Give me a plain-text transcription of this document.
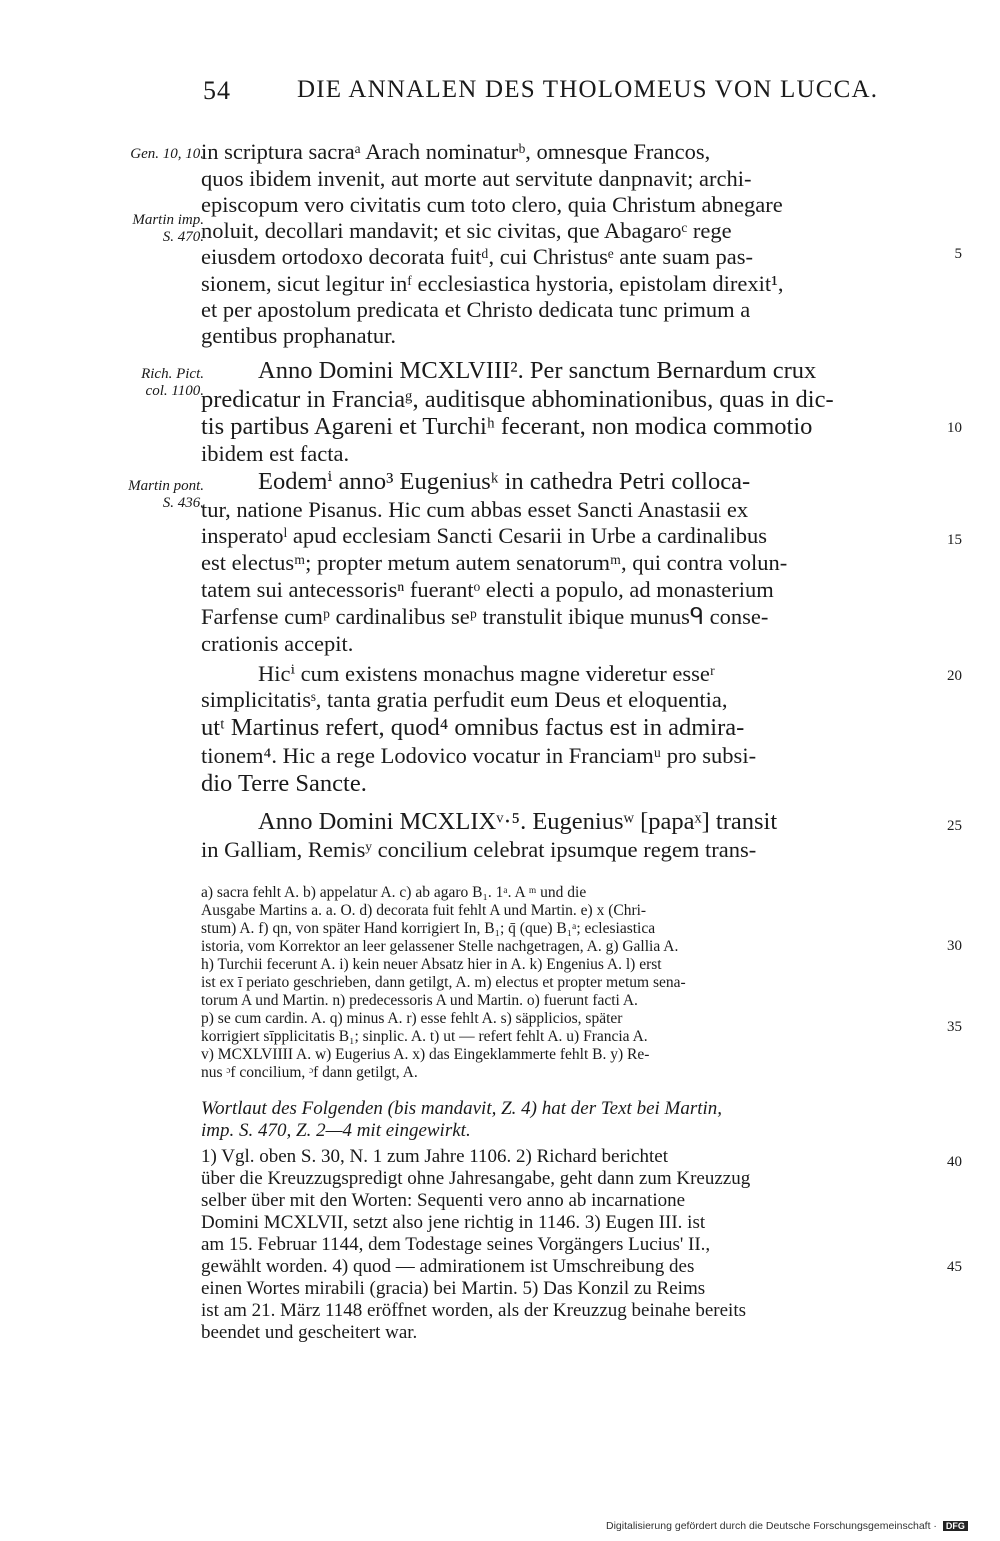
54	DIE ANNALEN DES THOLOMEUS VON LUCCA.
Gen. 10, 10.
Martin imp.
S. 470.
Rich. Pict.
col. 1100.
Martin pont.
S. 436.
5
10
15
20
25
30
35
40
45
in scriptura sacraᵃ Arach nominaturᵇ, omnesque Francos,
quos ibidem invenit, aut morte aut servitute danpnavit; archi-
episcopum vero civitatis cum toto clero, quia Christum abnegare
noluit, decollari mandavit; et sic civitas, que Abagaroᶜ rege
eiusdem ortodoxo decorata fuitᵈ, cui Christusᵉ ante suam pas-
sionem, sicut legitur inᶠ ecclesiastica hystoria, epistolam direxit¹,
et per apostolum predicata et Christo dedicata tunc primum a
gentibus prophanatur.
Anno Domini MCXLVIII². Per sanctum Bernardum crux
predicatur in Franciaᵍ, auditisque abhominationibus, quas in dic-
tis partibus Agareni et Turchiʰ fecerant, non modica commotio
ibidem est facta.
Eodemⁱ anno³ Eugeniusᵏ in cathedra Petri colloca-
tur, natione Pisanus. Hic cum abbas esset Sancti Anastasii ex
insperatoˡ apud ecclesiam Sancti Cesarii in Urbe a cardinalibus
est electusᵐ; propter metum autem senatorumᵐ, qui contra volun-
tatem sui antecessorisⁿ fuerantᵒ electi a populo, ad monasterium
Farfense cumᵖ cardinalibus seᵖ transtulit ibique munusᑫ conse-
crationis accepit.
Hicⁱ cum existens monachus magne videretur esseʳ
simplicitatisˢ, tanta gratia perfudit eum Deus et eloquentia,
utᵗ Martinus refert, quod⁴ omnibus factus est in admira-
tionem⁴. Hic a rege Lodovico vocatur in Franciamᵘ pro subsi-
dio Terre Sancte.
Anno Domini MCXLIXᵛ·⁵. Eugeniusʷ [papaˣ] transit
in Galliam, Remisʸ concilium celebrat ipsumque regem trans-
a) sacra fehlt A. b) appelatur A. c) ab agaro B₁. 1ᵃ. A ᵐ und die
Ausgabe Martins a. a. O. d) decorata fuit fehlt A und Martin. e) x (Chri-
stum) A. f) qn, von später Hand korrigiert In, B₁; q̄ (que) B₁ᵃ; eclesiastica
istoria, vom Korrektor an leer gelassener Stelle nachgetragen, A. g) Gallia A.
h) Turchii fecerunt A. i) kein neuer Absatz hier in A. k) Engenius A. l) erst
ist ex ī periato geschrieben, dann getilgt, A. m) electus et propter metum sena-
torum A und Martin. n) predecessoris A und Martin. o) fuerunt facti A.
p) se cum cardin. A. q) minus A. r) esse fehlt A. s) säpplicios, später
korrigiert sīpplicitatis B₁; sinplic. A. t) ut — refert fehlt A. u) Francia A.
v) MCXLVIIII A. w) Eugerius A. x) das Eingeklammerte fehlt B. y) Re-
nus ᵓf concilium, ᵓf dann getilgt, A.
Wortlaut des Folgenden (bis mandavit, Z. 4) hat der Text bei Martin,
imp. S. 470, Z. 2—4 mit eingewirkt.
1) Vgl. oben S. 30, N. 1 zum Jahre 1106. 2) Richard berichtet
über die Kreuzzugspredigt ohne Jahresangabe, geht dann zum Kreuzzug
selber über mit den Worten: Sequenti vero anno ab incarnatione
Domini MCXLVII, setzt also jene richtig in 1146. 3) Eugen III. ist
am 15. Februar 1144, dem Todestage seines Vorgängers Lucius' II.,
gewählt worden. 4) quod — admirationem ist Umschreibung des
einen Wortes mirabili (gracia) bei Martin. 5) Das Konzil zu Reims
ist am 21. März 1148 eröffnet worden, als der Kreuzzug beinahe bereits
beendet und gescheitert war.
Digitalisierung gefördert durch die Deutsche Forschungsgemeinschaft · DFG
